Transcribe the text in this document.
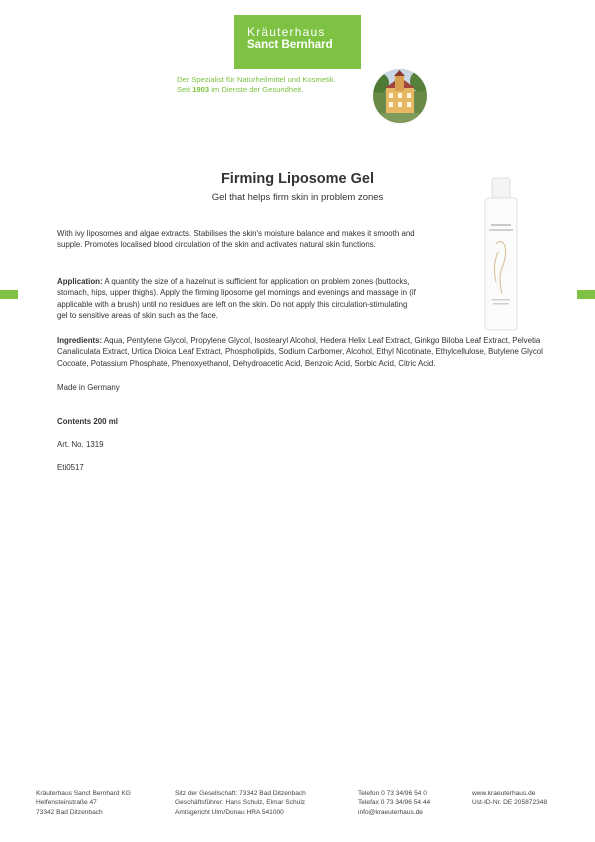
Kräuterhaus
Sanct Bernhard
Der Spezialist für Naturheilmittel und Kosmetik.
Seit 1903 im Dienste der Gesundheit.
Firming Liposome Gel
Gel that helps firm skin in problem zones
With ivy liposomes and algae extracts. Stabilises the skin's moisture balance and makes it smooth and supple. Promotes localised blood circulation of the skin and activates natural skin functions.
Application: A quantity the size of a hazelnut is sufficient for application on problem zones (buttocks, stomach, hips, upper thighs). Apply the firming liposome gel mornings and evenings and massage in (if applicable with a brush) until no residues are left on the skin. Do not apply this circulation-stimulating gel to sensitive areas of skin such as the face.
Ingredients: Aqua, Pentylene Glycol, Propylene Glycol, Isostearyl Alcohol, Hedera Helix Leaf Extract, Ginkgo Biloba Leaf Extract, Pelvetia Canaliculata Extract, Urtica Dioica Leaf Extract, Phospholipids, Sodium Carbomer, Alcohol, Ethyl Nicotinate, Ethylcellulose, Butylene Glycol Cocoate, Potassium Phosphate, Phenoxyethanol, Dehydroacetic Acid, Benzoic Acid, Sorbic Acid, Citric Acid.
Made in Germany
Contents 200 ml
Art. No. 1319
Eti0517
Kräuterhaus Sanct Bernhard KG
Helfensteinstraße 47
73342 Bad Ditzenbach
Sitz der Gesellschaft: 73342 Bad Ditzenbach
Geschäftsführer: Hans Schulz, Elmar Schulz
Amtsgericht Ulm/Donau HRA 541000
Telefon 0 73 34/96 54 0
Telefax 0 73 34/96 54 44
info@kraeuterhaus.de
www.kraeuterhaus.de
Ust-ID-Nr. DE 205872348
